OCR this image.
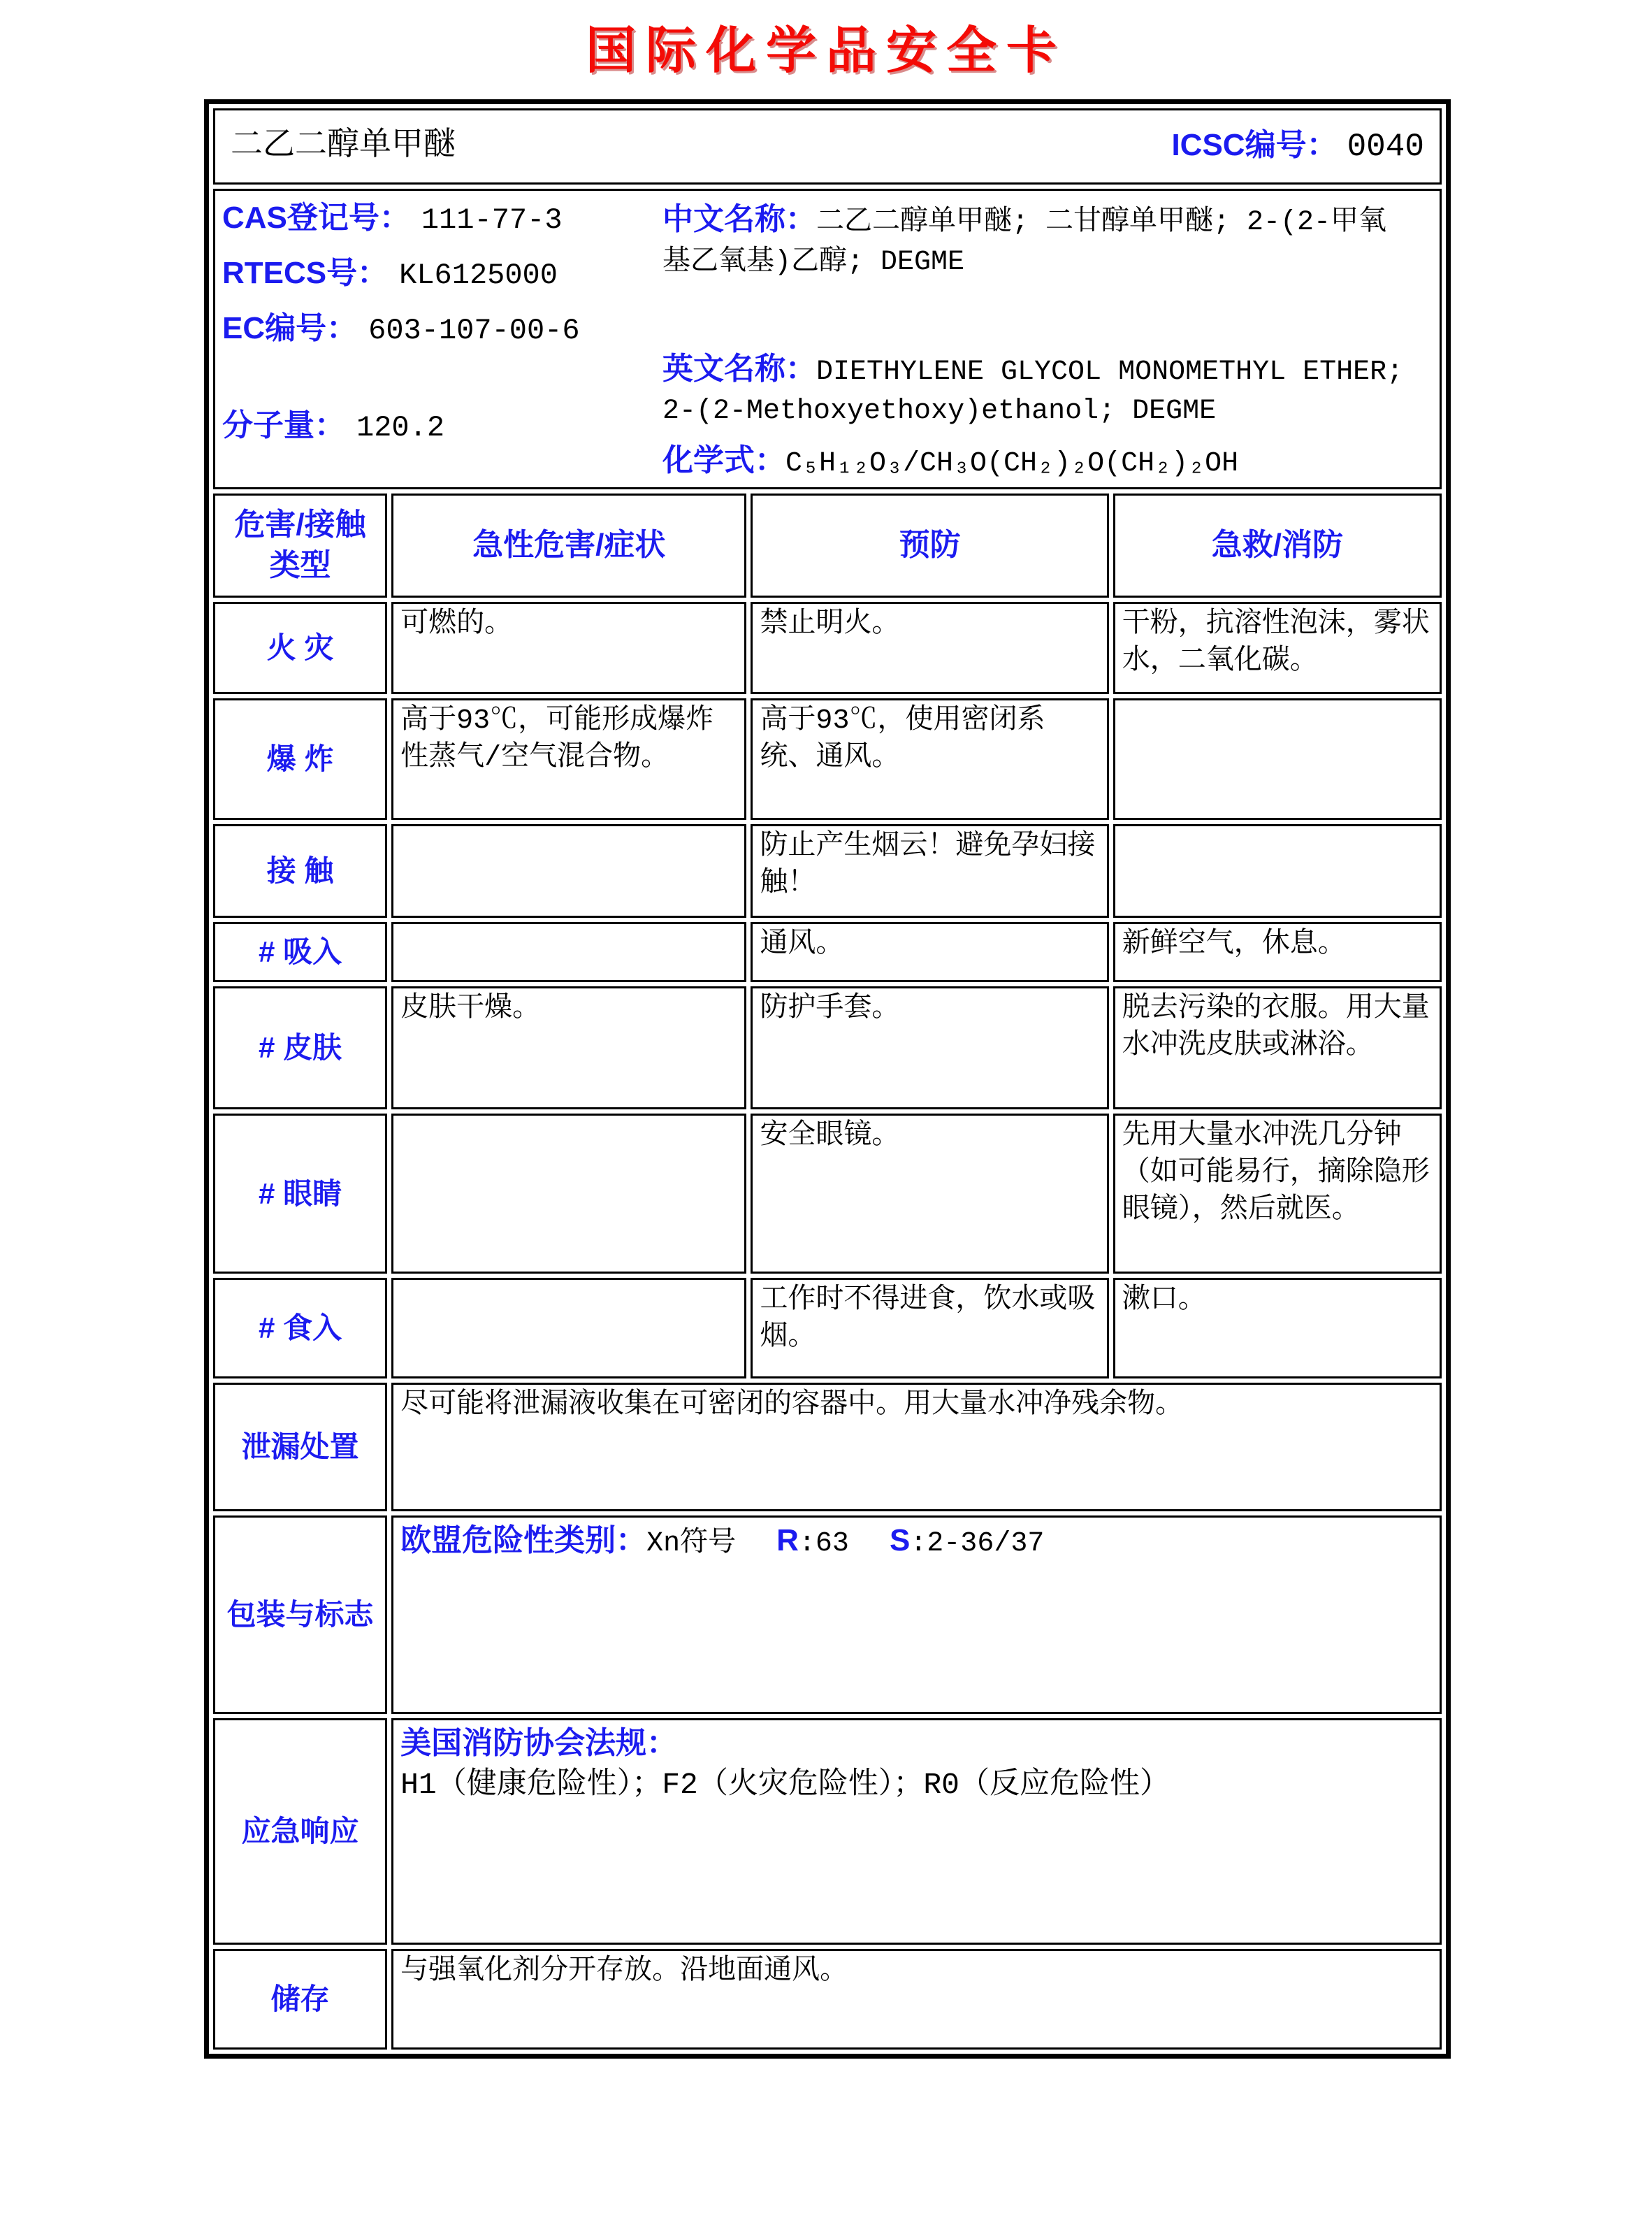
国际化学品安全卡
二乙二醇单甲醚 ICSC编号： 0040			

CAS登记号： 111-77-3

RTECS号： KL6125000

EC编号： 603-107-00-6

分子量： 120.2

中文名称：二乙二醇单甲醚; 二甘醇单甲醚; 2-(2-甲氧基乙氧基)乙醇; DEGME

英文名称：DIETHYLENE GLYCOL MONOMETHYL ETHER; 2-(2-Methoxyethoxy)ethanol; DEGME

化学式：C₅H₁₂O₃/CH₃O(CH₂)₂O(CH₂)₂OH

危害/接触类型	急性危害/症状	预防	急救/消防
火 灾	可燃的。	禁止明火。	干粉，抗溶性泡沫，雾状水，二氧化碳。
爆 炸	高于93℃，可能形成爆炸性蒸气/空气混合物。	高于93℃，使用密闭系统、通风。	
接 触		防止产生烟云！避免孕妇接触！	
# 吸入		通风。	新鲜空气，休息。
# 皮肤	皮肤干燥。	防护手套。	脱去污染的衣服。用大量水冲洗皮肤或淋浴。
# 眼睛		安全眼镜。	先用大量水冲洗几分钟（如可能易行，摘除隐形眼镜），然后就医。
# 食入		工作时不得进食，饮水或吸烟。	漱口。
泄漏处置	尽可能将泄漏液收集在可密闭的容器中。用大量水冲净残余物。		
包装与标志	欧盟危险性类别：Xn符号 R:63 S:2-36/37		
应急响应	美国消防协会法规：H1（健康危险性）；F2（火灾危险性）；R0（反应危险性）		
储存	与强氧化剂分开存放。沿地面通风。		
